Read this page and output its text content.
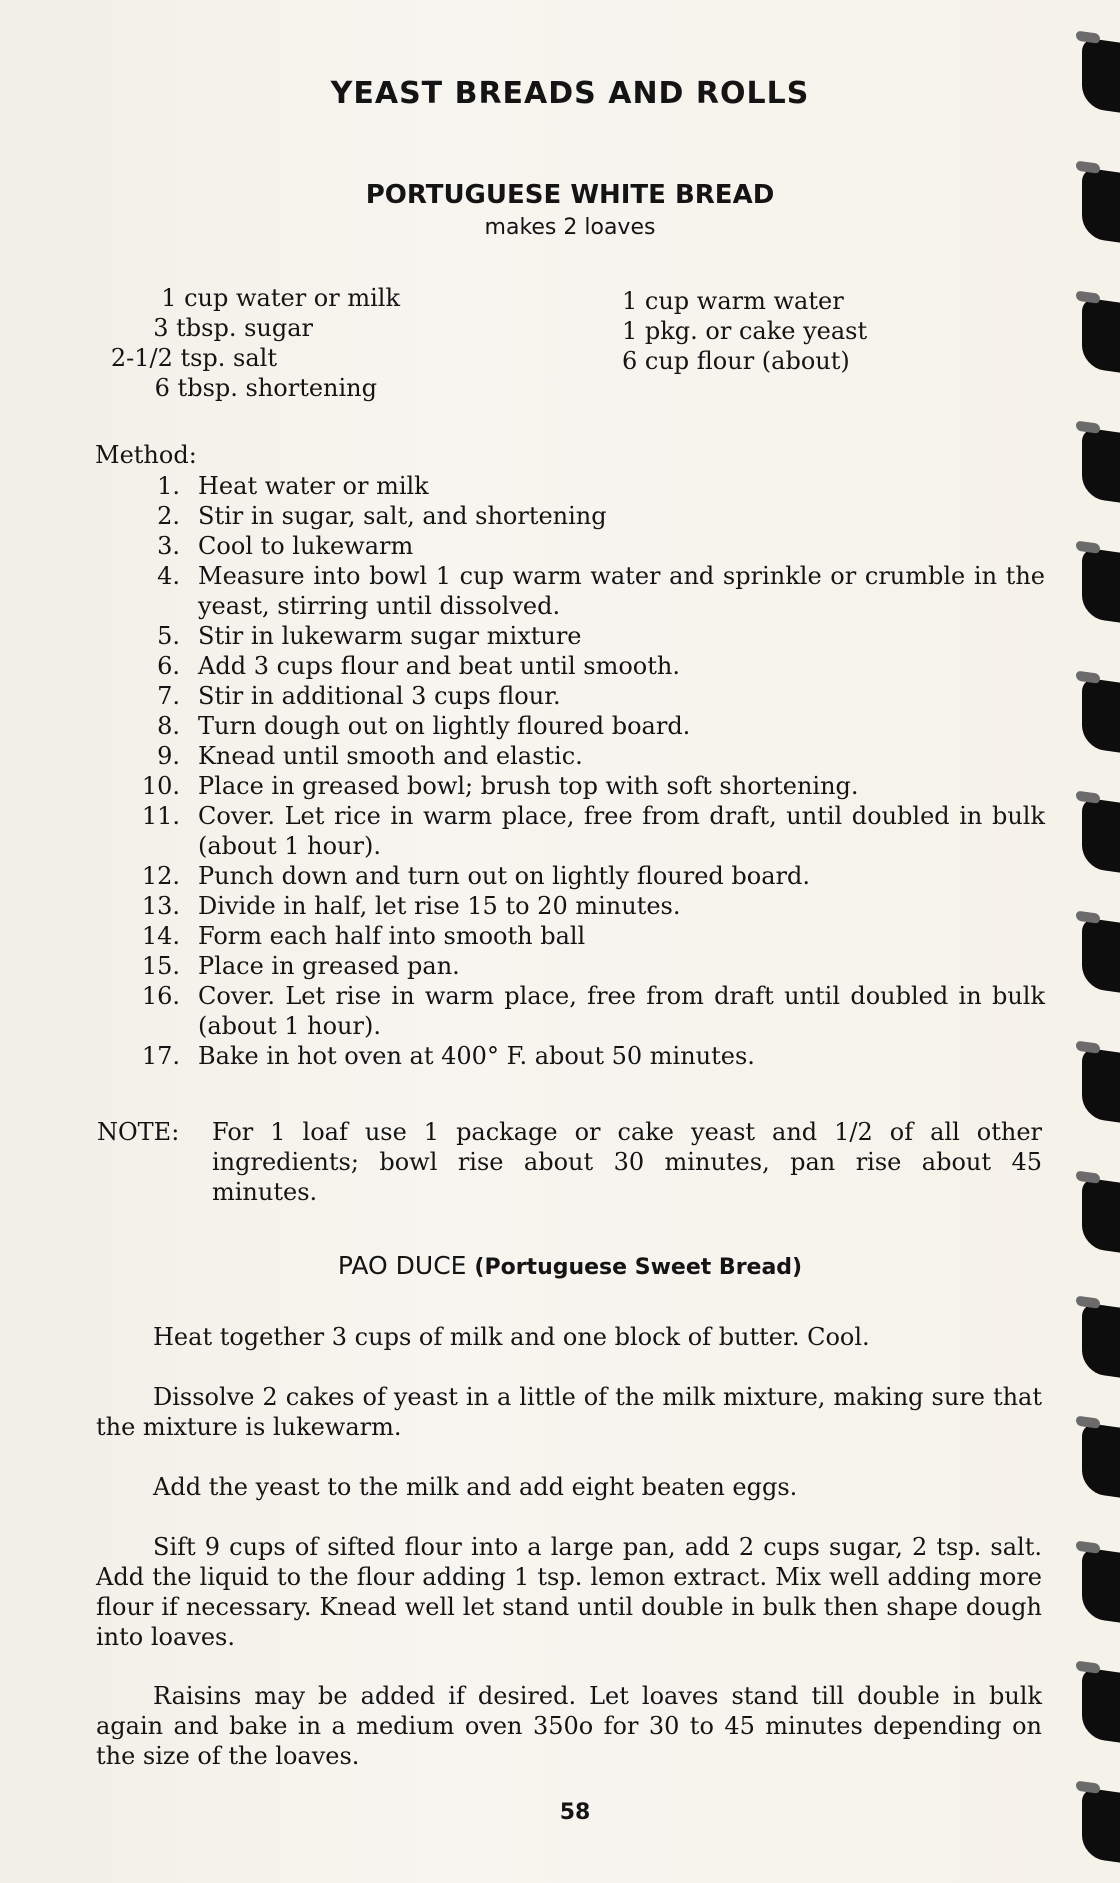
YEAST BREADS AND ROLLS
PORTUGUESE WHITE BREAD
makes 2 loaves
1 cup water or milk
3 tbsp. sugar
2-1/2 tsp. salt
6 tbsp. shortening
1 cup warm water
1 pkg. or cake yeast
6 cup flour (about)
Method:
1. Heat water or milk
2. Stir in sugar, salt, and shortening
3. Cool to lukewarm
4. Measure into bowl 1 cup warm water and sprinkle or crumble in the yeast, stirring until dissolved.
5. Stir in lukewarm sugar mixture
6. Add 3 cups flour and beat until smooth.
7. Stir in additional 3 cups flour.
8. Turn dough out on lightly floured board.
9. Knead until smooth and elastic.
10. Place in greased bowl; brush top with soft shortening.
11. Cover. Let rice in warm place, free from draft, until doubled in bulk (about 1 hour).
12. Punch down and turn out on lightly floured board.
13. Divide in half, let rise 15 to 20 minutes.
14. Form each half into smooth ball
15. Place in greased pan.
16. Cover. Let rise in warm place, free from draft until doubled in bulk (about 1 hour).
17. Bake in hot oven at 400° F. about 50 minutes.
NOTE:	For 1 loaf use 1 package or cake yeast and 1/2 of all other ingredients; bowl rise about 30 minutes, pan rise about 45 minutes.
PAO DUCE (Portuguese Sweet Bread)
Heat together 3 cups of milk and one block of butter. Cool.
Dissolve 2 cakes of yeast in a little of the milk mixture, making sure that the mixture is lukewarm.
Add the yeast to the milk and add eight beaten eggs.
Sift 9 cups of sifted flour into a large pan, add 2 cups sugar, 2 tsp. salt. Add the liquid to the flour adding 1 tsp. lemon extract. Mix well adding more flour if necessary. Knead well let stand until double in bulk then shape dough into loaves.
Raisins may be added if desired. Let loaves stand till double in bulk again and bake in a medium oven 350o for 30 to 45 minutes depending on the size of the loaves.
58
